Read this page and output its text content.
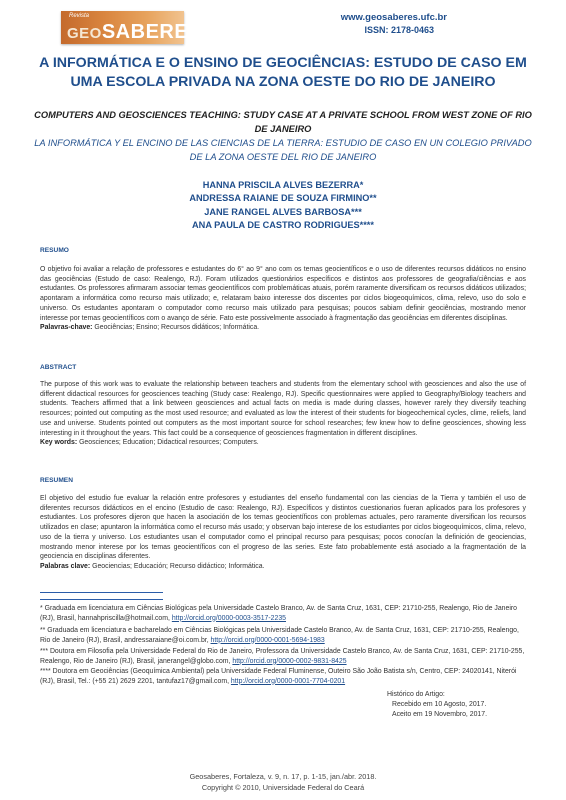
Revista
GEOSABERES
www.geosaberes.ufc.br
ISSN: 2178-0463
A INFORMÁTICA E O ENSINO DE GEOCIÊNCIAS: ESTUDO DE CASO EM UMA ESCOLA PRIVADA NA ZONA OESTE DO RIO DE JANEIRO
COMPUTERS AND GEOSCIENCES TEACHING: STUDY CASE AT A PRIVATE SCHOOL FROM WEST ZONE OF RIO DE JANEIRO
LA INFORMÁTICA Y EL ENCINO DE LAS CIENCIAS DE LA TIERRA: ESTUDIO DE CASO EN UN COLEGIO PRIVADO DE LA ZONA OESTE DEL RIO DE JANEIRO
HANNA PRISCILA ALVES BEZERRA*
ANDRESSA RAIANE DE SOUZA FIRMINO**
JANE RANGEL ALVES BARBOSA***
ANA PAULA DE CASTRO RODRIGUES****
RESUMO
O objetivo foi avaliar a relação de professores e estudantes do 6° ao 9° ano com os temas geocientíficos e o uso de diferentes recursos didáticos no ensino das geociências (Estudo de caso: Realengo, RJ). Foram utilizados questionários específicos e distintos aos professores de geografia/ciências e aos estudantes. Os professores afirmaram associar temas geocientíficos com problemáticas atuais, porém raramente diversificam os recursos didáticos utilizados; apontaram a informática como recurso mais utilizado; e, relataram baixo interesse dos discentes por ciclos biogeoquímicos, clima, relevo, uso do solo e universo. Os estudantes apontaram o computador como recurso mais utilizado para pesquisas; poucos sabiam definir geociências, mostrando menor interesse por temas geocientíficos com o avanço de série. Fato este possivelmente associado à fragmentação das geociências em diferentes disciplinas.
Palavras-chave: Geociências; Ensino; Recursos didáticos; Informática.
ABSTRACT
The purpose of this work was to evaluate the relationship between teachers and students from the elementary school with geosciences and also the use of different didactical resources for geosciences teaching (Study case: Realengo, RJ). Specific questionnaires were applied to Geography/Biology teachers and students. Teachers affirmed that a link between geosciences and actual facts on media is made during classes, however rarely they diversify teaching resources; pointed out computing as the most used resource; and evaluated as low the interest of their students for biogeochemical cycles, clime, reliefs, land use and universe. Students pointed out computers as the most important source for school researches; few knew how to define geosciences, showing less interesting in it throughout the years. This fact could be a consequence of geosciences fragmentation in different disciplines.
Key words: Geosciences; Education; Didactical resources; Computers.
RESUMEN
El objetivo del estudio fue evaluar la relación entre profesores y estudiantes del enseño fundamental con las ciencias de la Tierra y también el uso de diferentes recursos didácticos en el encino (Estudio de caso: Realengo, RJ). Específicos y distintos cuestionarios fueran aplicados para los profesores y estudiantes. Los profesores dijeron que hacen la asociación de los temas geocientíficos con problemas actuales, pero raramente diversifican los recursos utilizados en clase; apuntaron la informática como el recurso más usado; y observan bajo interese de los estudiantes por ciclos biogeoquímicos, clima, relevo, uso de la tierra y universo. Los estudiantes usan el computador como el principal recurso para pesquisas; pocos conocían la definición de geociencias, mostrando menor interese por los temas geocientíficos con el progreso de las series. Este fato probablemente está asociado a la fragmentación de la geociencia en disciplinas diferentes.
Palabras clave: Geociencias; Educación; Recurso didáctico; Informática.
* Graduada em licenciatura em Ciências Biológicas pela Universidade Castelo Branco, Av. de Santa Cruz, 1631, CEP: 21710-255, Realengo, Rio de Janeiro (RJ), Brasil, hannahpriscilla@hotmail.com, http://orcid.org/0000-0003-3517-2235
** Graduada em licenciatura e bacharelado em Ciências Biológicas pela Universidade Castelo Branco, Av. de Santa Cruz, 1631, CEP: 21710-255, Realengo, Rio de Janeiro (RJ), Brasil, andressaraiane@oi.com.br, http://orcid.org/0000-0001-5694-1983
*** Doutora em Filosofia pela Universidade Federal do Rio de Janeiro, Professora da Universidade Castelo Branco, Av. de Santa Cruz, 1631, CEP: 21710-255, Realengo, Rio de Janeiro (RJ), Brasil, janerangel@globo.com, http://orcid.org/0000-0002-9831-8425
**** Doutora em Geociências (Geoquímica Ambiental) pela Universidade Federal Fluminense, Outeiro São João Batista s/n, Centro, CEP: 24020141, Niterói (RJ), Brasil, Tel.: (+55 21) 2629 2201, tantufaz17@gmail.com, http://orcid.org/0000-0001-7704-0201
Histórico do Artigo:
Recebido em 10 Agosto, 2017.
Aceito em 19 Novembro, 2017.
Geosaberes, Fortaleza, v. 9, n. 17, p. 1-15, jan./abr. 2018.
Copyright © 2010, Universidade Federal do Ceará
